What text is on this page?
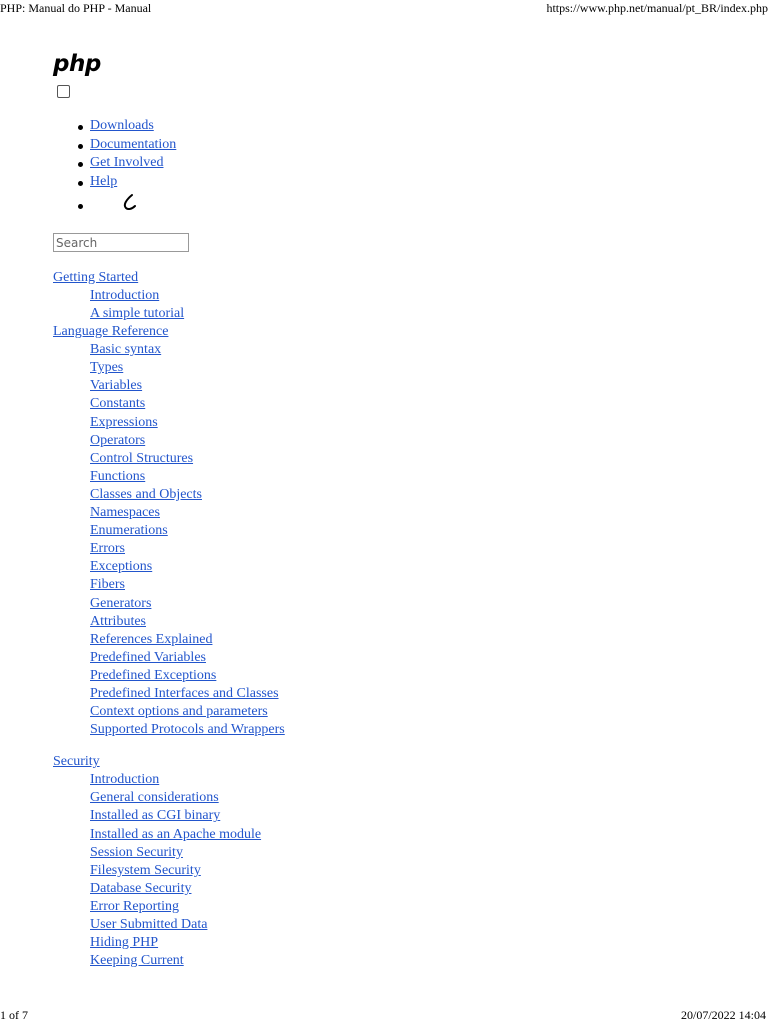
PHP: Manual do PHP - Manual	https://www.php.net/manual/pt_BR/index.php
php
Downloads
Documentation
Get Involved
Help
Search
Getting Started
Introduction
A simple tutorial
Language Reference
Basic syntax
Types
Variables
Constants
Expressions
Operators
Control Structures
Functions
Classes and Objects
Namespaces
Enumerations
Errors
Exceptions
Fibers
Generators
Attributes
References Explained
Predefined Variables
Predefined Exceptions
Predefined Interfaces and Classes
Context options and parameters
Supported Protocols and Wrappers
Security
Introduction
General considerations
Installed as CGI binary
Installed as an Apache module
Session Security
Filesystem Security
Database Security
Error Reporting
User Submitted Data
Hiding PHP
Keeping Current
1 of 7	20/07/2022 14:04
